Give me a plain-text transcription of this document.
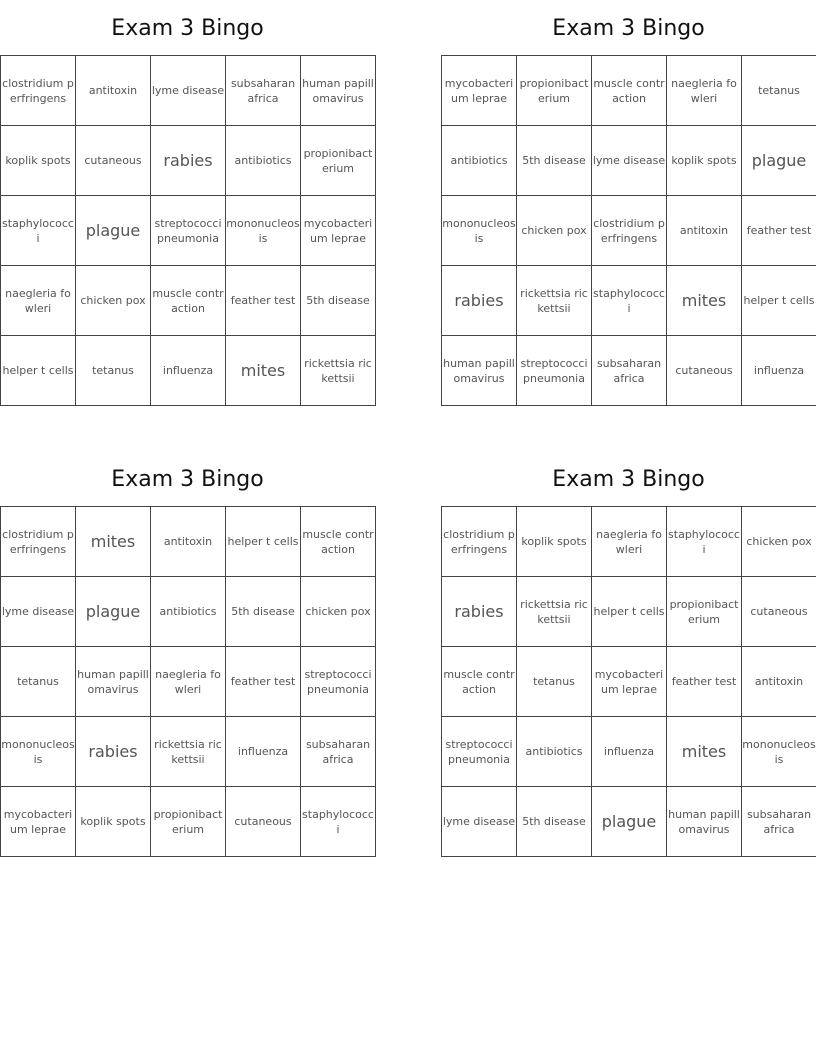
Exam 3 Bingo
clostridium perfringens	antitoxin	lyme disease	subsaharan africa	human papillomavirus
koplik spots	cutaneous	rabies	antibiotics	propionibacterium
staphylococci	plague	streptococci pneumonia	mononucleosis	mycobacterium leprae
naegleria fowleri	chicken pox	muscle contraction	feather test	5th disease
helper t cells	tetanus	influenza	mites	rickettsia rickettsii
Exam 3 Bingo
mycobacterium leprae	propionibacterium	muscle contraction	naegleria fowleri	tetanus
antibiotics	5th disease	lyme disease	koplik spots	plague
mononucleosis	chicken pox	clostridium perfringens	antitoxin	feather test
rabies	rickettsia rickettsii	staphylococci	mites	helper t cells
human papillomavirus	streptococci pneumonia	subsaharan africa	cutaneous	influenza
Exam 3 Bingo
clostridium perfringens	mites	antitoxin	helper t cells	muscle contraction
lyme disease	plague	antibiotics	5th disease	chicken pox
tetanus	human papillomavirus	naegleria fowleri	feather test	streptococci pneumonia
mononucleosis	rabies	rickettsia rickettsii	influenza	subsaharan africa
mycobacterium leprae	koplik spots	propionibacterium	cutaneous	staphylococci
Exam 3 Bingo
clostridium perfringens	koplik spots	naegleria fowleri	staphylococci	chicken pox
rabies	rickettsia rickettsii	helper t cells	propionibacterium	cutaneous
muscle contraction	tetanus	mycobacterium leprae	feather test	antitoxin
streptococci pneumonia	antibiotics	influenza	mites	mononucleosis
lyme disease	5th disease	plague	human papillomavirus	subsaharan africa
